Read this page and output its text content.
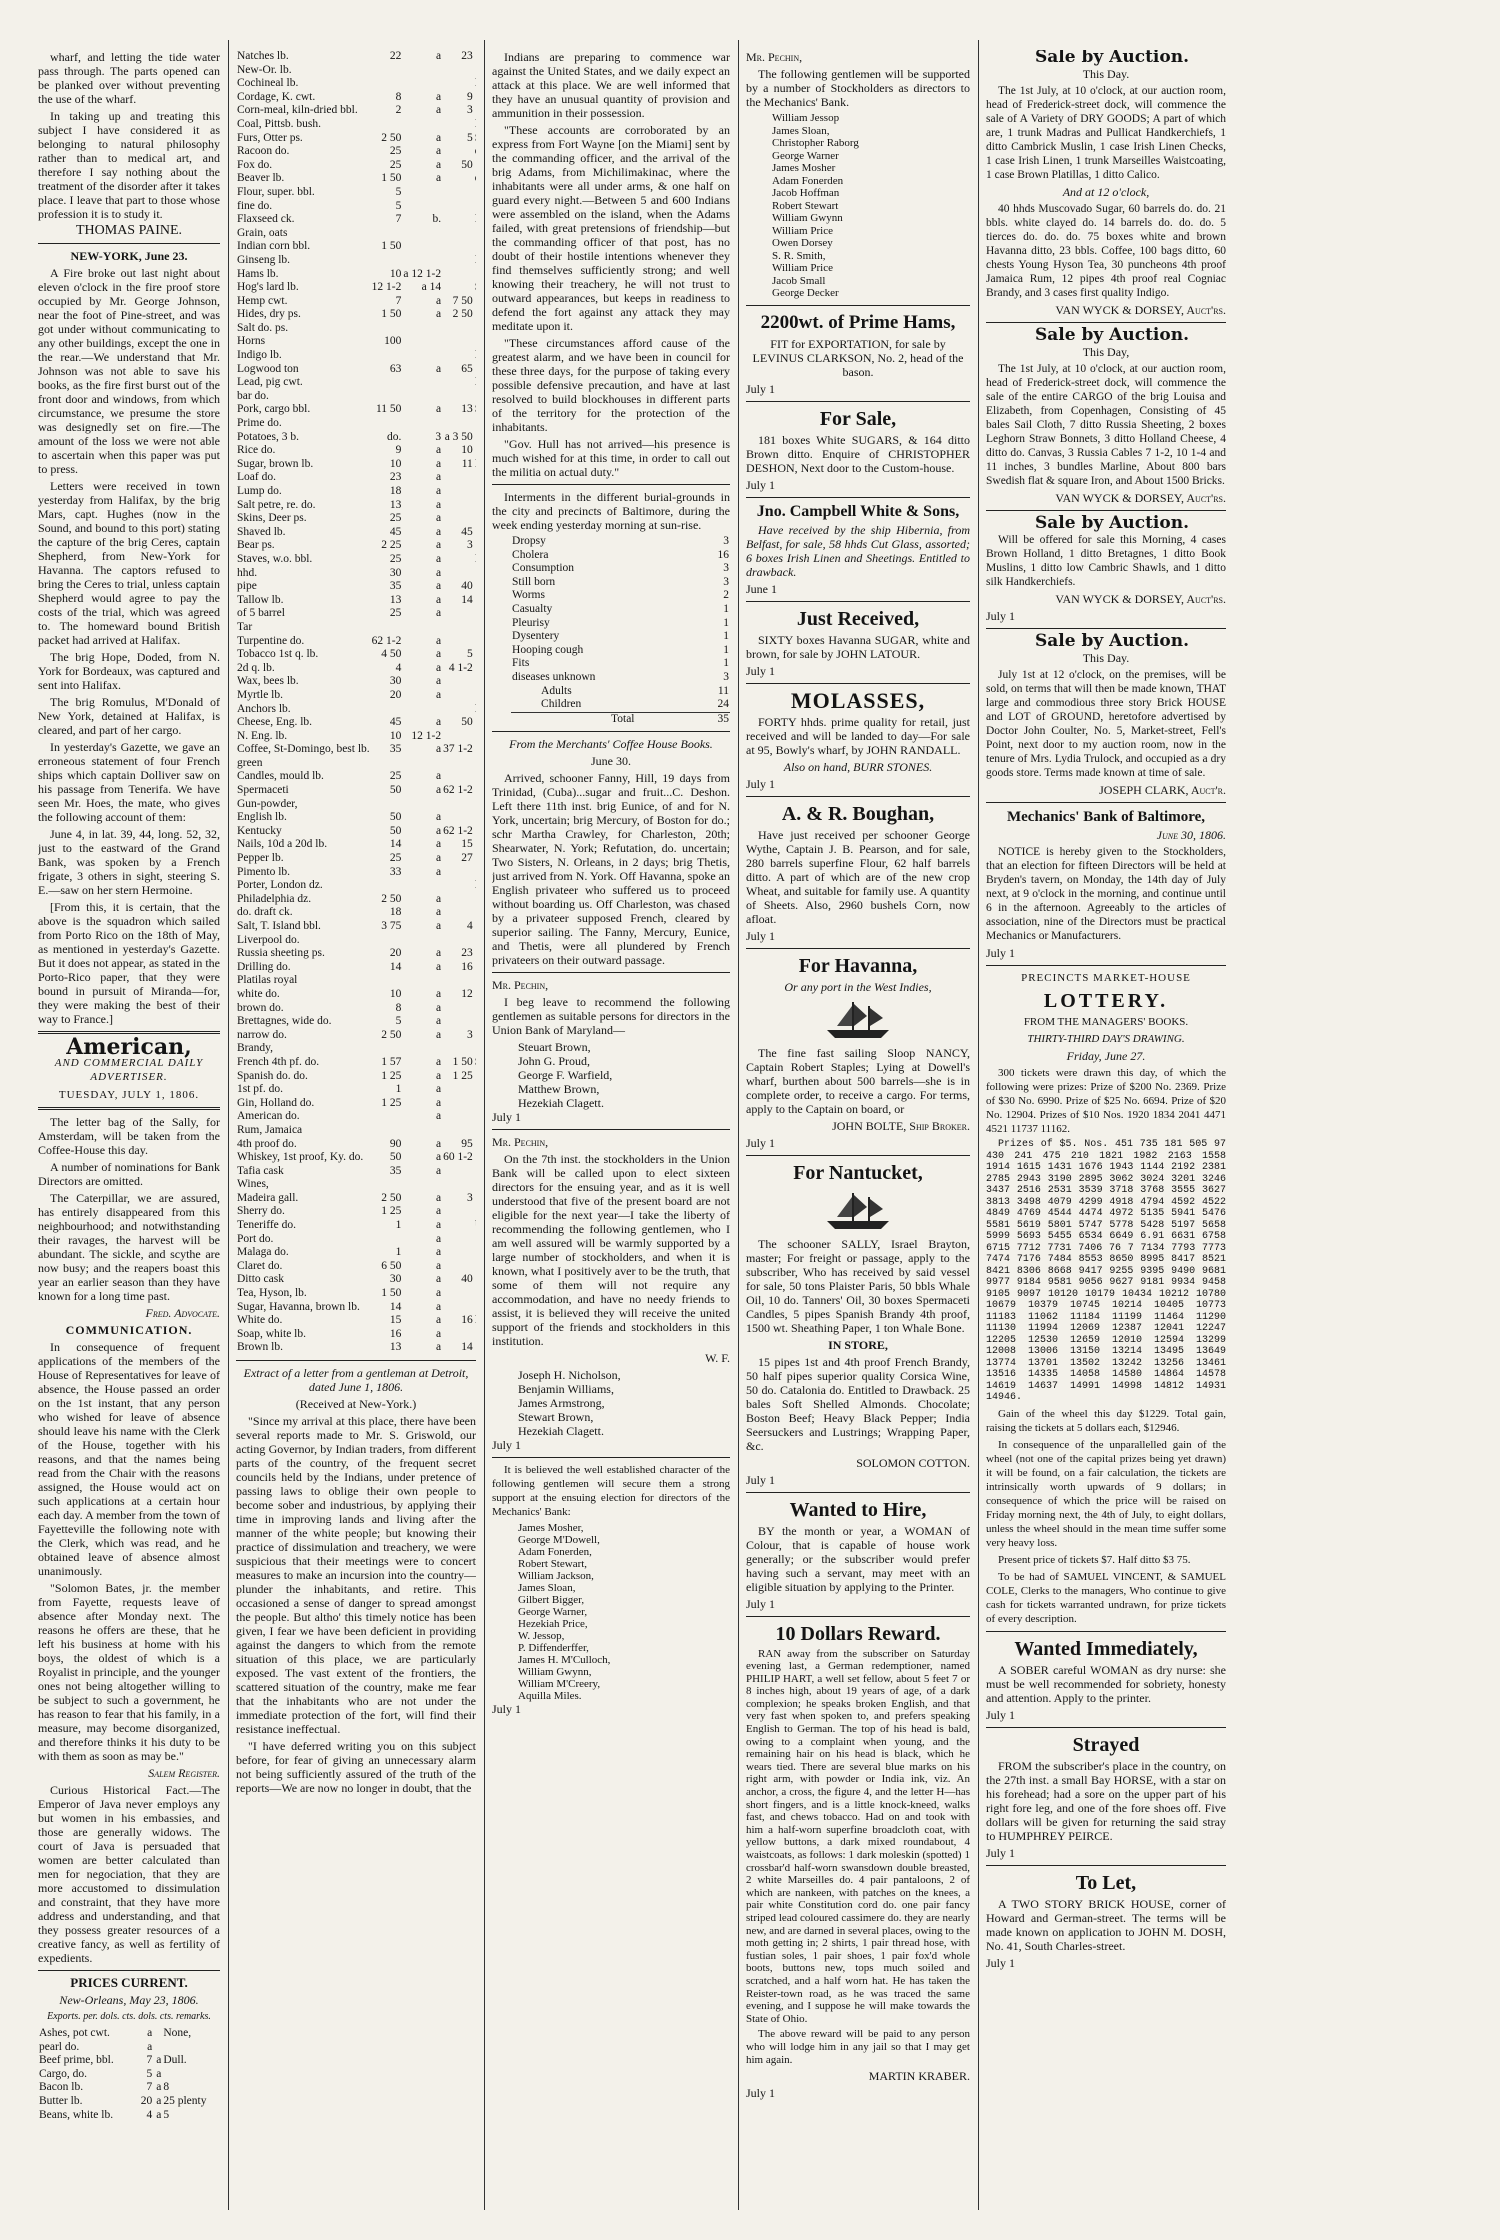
wharf, and letting the tide water pass through. The parts opened can be planked over without preventing the use of the wharf.

In taking up and treating this subject I have considered it as belonging to natural philosophy rather than to medical art, and therefore I say nothing about the treatment of the disorder after it takes place. I leave that part to those whose profession it is to study it.

THOMAS PAINE.

NEW-YORK, June 23.

A Fire broke out last night about eleven o'clock in the fire proof store occupied by Mr. George Johnson, near the foot of Pine-street, and was got under without communicating to any other buildings, except the one in the rear.—We understand that Mr. Johnson was not able to save his books, as the fire first burst out of the front door and windows, from which circumstance, we presume the store was designedly set on fire.—The amount of the loss we were not able to ascertain when this paper was put to press.

Letters were received in town yesterday from Halifax, by the brig Mars, capt. Hughes (now in the Sound, and bound to this port) stating the capture of the brig Ceres, captain Shepherd, from New-York for Havanna. The captors refused to bring the Ceres to trial, unless captain Shepherd would agree to pay the costs of the trial, which was agreed to. The homeward bound British packet had arrived at Halifax.

The brig Hope, Doded, from N. York for Bordeaux, was captured and sent into Halifax.

The brig Romulus, M'Donald of New York, detained at Halifax, is cleared, and part of her cargo.

In yesterday's Gazette, we gave an erroneous statement of four French ships which captain Dolliver saw on his passage from Tenerifa. We have seen Mr. Hoes, the mate, who gives the following account of them:

June 4, in lat. 39, 44, long. 52, 32, just to the eastward of the Grand Bank, was spoken by a French frigate, 3 others in sight, steering S. E.—saw on her stern Hermoine.

[From this, it is certain, that the above is the squadron which sailed from Porto Rico on the 18th of May, as mentioned in yesterday's Gazette. But it does not appear, as stated in the Porto-Rico paper, that they were bound in pursuit of Miranda—for, they were making the best of their way to France.]

American,
AND COMMERCIAL DAILY ADVERTISER.
TUESDAY, JULY 1, 1806.

The letter bag of the Sally, for Amsterdam, will be taken from the Coffee-House this day.

A number of nominations for Bank Directors are omitted.

The Caterpillar, we are assured, has entirely disappeared from this neighbourhood; and notwithstanding their ravages, the harvest will be abundant. The sickle, and scythe are now busy; and the reapers boast this year an earlier season than they have known for a long time past.

Fred. Advocate.

COMMUNICATION.

In consequence of frequent applications of the members of the House of Representatives for leave of absence, the House passed an order on the 1st instant, that any person who wished for leave of absence should leave his name with the Clerk of the House, together with his reasons, and that the names being read from the Chair with the reasons assigned, the House would act on such applications at a certain hour each day. A member from the town of Fayetteville the following note with the Clerk, which was read, and he obtained leave of absence almost unanimously.

"Solomon Bates, jr. the member from Fayette, requests leave of absence after Monday next. The reasons he offers are these, that he left his business at home with his boys, the oldest of which is a Royalist in principle, and the younger ones not being altogether willing to be subject to such a government, he has reason to fear that his family, in a measure, may become disorganized, and therefore thinks it his duty to be with them as soon as may be."

Salem Register.

Curious Historical Fact.—The Emperor of Java never employs any but women in his embassies, and those are generally widows. The court of Java is persuaded that women are better calculated than men for negociation, that they are more accustomed to dissimulation and constraint, that they have more address and understanding, and that they possess greater resources of a creative fancy, as well as fertility of expedients.

PRICES CURRENT.

New-Orleans, May 23, 1806.

Exports. per. dols. cts. dols. cts. remarks.

Ashes, pot cwt.	a		None,
pearl do.	a		
Beef prime, bbl.	7	a	Dull.
Cargo, do.	5	a	
Bacon lb.	7	a	8
Butter lb.	20	a	25 plenty
Beans, white lb.	4	a	5
Natches lb.	22	a	23	
New-Or. lb.				
Cochineal lb.				
Cordage, K. cwt.	8	a	9	
Corn-meal, kiln-dried bbl.	2	a	3	
Coal, Pittsb. bush.				
Furs, Otter ps.	2 50	a	5	
Racoon do.	25	a		
Fox do.	25	a	50	
Beaver lb.	1 50	a		
Flour, super. bbl.	5			
fine do.	5			
Flaxseed ck.	7	b.		
Grain, oats				
Indian corn bbl.	1 50			
Ginseng lb.				
Hams lb.	10	a 12 1-2		
Hog's lard lb.	12 1-2	a 14		
Hemp cwt.	7	a	7 50	
Hides, dry ps.	1 50	a	2 50	
Salt do. ps.				
Horns	100			
Indigo lb.				
Logwood ton	63	a	65	
Lead, pig cwt.				
bar do.				
Pork, cargo bbl.	11 50	a	13	
Prime do.				
Potatoes, 3 b.	do.	3	a 3 50	
Rice do.	9	a	10	
Sugar, brown lb.	10	a	11	
Loaf do.	23	a		
Lump do.	18	a		
Salt petre, re. do.	13	a		
Skins, Deer ps.	25	a		
Shaved lb.	45	a	45	
Bear ps.	2 25	a	3	
Staves, w.o. bbl.	25	a		
hhd.	30	a		
pipe	35	a	40	
Tallow lb.	13	a	14	
of 5 barrel	25	a		
Tar				
Turpentine do.	62 1-2	a		
Tobacco 1st q. lb.	4 50	a	5	
2d q. lb.	4	a	4 1-2	
Wax, bees lb.	30	a		
Myrtle lb.	20	a		
Anchors lb.				
Cheese, Eng. lb.	45	a	50	
N. Eng. lb.	10	12 1-2		
Coffee, St-Domingo, best lb.	35	a	37 1-2	
green				
Candles, mould lb.	25	a		
Spermaceti	50	a	62 1-2	
Gun-powder,				
English lb.	50	a		
Kentucky	50	a	62 1-2	
Nails, 10d a 20d lb.	14	a	15	
Pepper lb.	25	a	27	
Pimento lb.	33	a		
Porter, London dz.				
Philadelphia dz.	2 50	a		
do. draft ck.	18	a		
Salt, T. Island bbl.	3 75	a	4	
Liverpool do.				
Russia sheeting ps.	20	a	23	
Drilling do.	14	a	16	
Platilas royal				
white do.	10	a	12	
brown do.	8	a		
Brettagnes, wide do.	5	a		
narrow do.	2 50	a	3	
Brandy,				
French 4th pf. do.	1 57	a	1 50	
Spanish do. do.	1 25	a	1 25	
1st pf. do.	1	a		
Gin, Holland do.	1 25	a		
American do.		a		
Rum, Jamaica				
4th proof do.	90	a	95	
Whiskey, 1st proof, Ky. do.	50	a	60 1-2	
Tafia cask	35	a		
Wines,				
Madeira gall.	2 50	a	3	
Sherry do.	1 25	a		
Teneriffe do.	1	a		
Port do.		a		
Malaga do.	1	a		
Claret do.	6 50	a		
Ditto cask	30	a	40	
Tea, Hyson, lb.	1 50	a		
Sugar, Havanna, brown lb.	14	a		
White do.	15	a	16	
Soap, white lb.	16	a		
Brown lb.	13	a	14	

Extract of a letter from a gentleman at Detroit, dated June 1, 1806.

(Received at New-York.)

"Since my arrival at this place, there have been several reports made to Mr. S. Griswold, our acting Governor, by Indian traders, from different parts of the country, of the frequent secret councils held by the Indians, under pretence of passing laws to oblige their own people to become sober and industrious, by applying their time in improving lands and living after the manner of the white people; but knowing their practice of dissimulation and treachery, we were suspicious that their meetings were to concert measures to make an incursion into the country—plunder the inhabitants, and retire. This occasioned a sense of danger to spread amongst the people. But altho' this timely notice has been given, I fear we have been deficient in providing against the dangers to which from the remote situation of this place, we are particularly exposed. The vast extent of the frontiers, the scattered situation of the country, make me fear that the inhabitants who are not under the immediate protection of the fort, will find their resistance ineffectual.

"I have deferred writing you on this subject before, for fear of giving an unnecessary alarm not being sufficiently assured of the truth of the reports—We are now no longer in doubt, that the

Indians are preparing to commence war against the United States, and we daily expect an attack at this place. We are well informed that they have an unusual quantity of provision and ammunition in their possession.

"These accounts are corroborated by an express from Fort Wayne [on the Miami] sent by the commanding officer, and the arrival of the brig Adams, from Michilimakinac, where the inhabitants were all under arms, & one half on guard every night.—Between 5 and 600 Indians were assembled on the island, when the Adams failed, with great pretensions of friendship—but the commanding officer of that post, has no doubt of their hostile intentions whenever they find themselves sufficiently strong; and well knowing their treachery, he will not trust to outward appearances, but keeps in readiness to defend the fort against any attack they may meditate upon it.

"These circumstances afford cause of the greatest alarm, and we have been in council for these three days, for the purpose of taking every possible defensive precaution, and have at last resolved to build blockhouses in different parts of the territory for the protection of the inhabitants.

"Gov. Hull has not arrived—his presence is much wished for at this time, in order to call out the militia on actual duty."

Interments in the different burial-grounds in the city and precincts of Baltimore, during the week ending yesterday morning at sun-rise.

Dropsy	3
Cholera	16
Consumption	3
Still born	3
Worms	2
Casualty	1
Pleurisy	1
Dysentery	1
Hooping cough	1
Fits	1
diseases unknown	3
Adults	11
Children	24
Total	35

From the Merchants' Coffee House Books.

June 30.

Arrived, schooner Fanny, Hill, 19 days from Trinidad, (Cuba)...sugar and fruit...C. Deshon. Left there 11th inst. brig Eunice, of and for N. York, uncertain; brig Mercury, of Boston for do.; schr Martha Crawley, for Charleston, 20th; Shearwater, N. York; Refutation, do. uncertain; Two Sisters, N. Orleans, in 2 days; brig Thetis, just arrived from N. York. Off Havanna, spoke an English privateer who suffered us to proceed without boarding us. Off Charleston, was chased by a privateer supposed French, cleared by superior sailing. The Fanny, Mercury, Eunice, and Thetis, were all plundered by French privateers on their outward passage.

Mr. Pechin,

I beg leave to recommend the following gentlemen as suitable persons for directors in the Union Bank of Maryland—

Steuart Brown,
John G. Proud,
George F. Warfield,
Matthew Brown,
Hezekiah Clagett.

July 1

Mr. Pechin,

On the 7th inst. the stockholders in the Union Bank will be called upon to elect sixteen directors for the ensuing year, and as it is well understood that five of the present board are not eligible for the next year—I take the liberty of recommending the following gentlemen, who I am well assured will be warmly supported by a large number of stockholders, and when it is known, what I positively aver to be the truth, that some of them will not require any accommodation, and have no needy friends to assist, it is believed they will receive the united support of the friends and stockholders in this institution.

W. F.

Joseph H. Nicholson,
Benjamin Williams,
James Armstrong,
Stewart Brown,
Hezekiah Clagett.

July 1

It is believed the well established character of the following gentlemen will secure them a strong support at the ensuing election for directors of the Mechanics' Bank:

James Mosher,
George M'Dowell,
Adam Fonerden,
Robert Stewart,
William Jackson,
James Sloan,
Gilbert Bigger,
George Warner,
Hezekiah Price,
W. Jessop,
P. Diffenderffer,
James H. M'Culloch,
William Gwynn,
William M'Creery,
Aquilla Miles.

July 1

Mr. Pechin,

The following gentlemen will be supported by a number of Stockholders as directors to the Mechanics' Bank.

William Jessop
James Sloan,
Christopher Raborg
George Warner
James Mosher
Adam Fonerden
Jacob Hoffman
Robert Stewart
William Gwynn
William Price
Owen Dorsey
S. R. Smith,
William Price
Jacob Small
George Decker

2200wt. of Prime Hams,

FIT for EXPORTATION, for sale by LEVINUS CLARKSON, No. 2, head of the bason.

July 1

For Sale,

181 boxes White SUGARS, & 164 ditto Brown ditto. Enquire of CHRISTOPHER DESHON, Next door to the Custom-house.

July 1

Jno. Campbell White & Sons,

Have received by the ship Hibernia, from Belfast, for sale, 58 hhds Cut Glass, assorted; 6 boxes Irish Linen and Sheetings. Entitled to drawback.

June 1

Just Received,

SIXTY boxes Havanna SUGAR, white and brown, for sale by JOHN LATOUR.

July 1

MOLASSES,

FORTY hhds. prime quality for retail, just received and will be landed to day—For sale at 95, Bowly's wharf, by JOHN RANDALL.

Also on hand, BURR STONES.

July 1

A. & R. Boughan,

Have just received per schooner George Wythe, Captain J. B. Pearson, and for sale, 280 barrels superfine Flour, 62 half barrels ditto. A part of which are of the new crop Wheat, and suitable for family use. A quantity of Sheets. Also, 2960 bushels Corn, now afloat.

July 1

For Havanna,

Or any port in the West Indies,

The fine fast sailing Sloop NANCY, Captain Robert Staples; Lying at Dowell's wharf, burthen about 500 barrels—she is in complete order, to receive a cargo. For terms, apply to the Captain on board, or

JOHN BOLTE, Ship Broker.

July 1

For Nantucket,

The schooner SALLY, Israel Brayton, master; For freight or passage, apply to the subscriber, Who has received by said vessel for sale, 50 tons Plaister Paris, 50 bbls Whale Oil, 10 do. Tanners' Oil, 30 boxes Spermaceti Candles, 5 pipes Spanish Brandy 4th proof, 1500 wt. Sheathing Paper, 1 ton Whale Bone.

IN STORE,

15 pipes 1st and 4th proof French Brandy, 50 half pipes superior quality Corsica Wine, 50 do. Catalonia do. Entitled to Drawback. 25 bales Soft Shelled Almonds. Chocolate; Boston Beef; Heavy Black Pepper; India Seersuckers and Lustrings; Wrapping Paper, &c.

SOLOMON COTTON.

July 1

Wanted to Hire,

BY the month or year, a WOMAN of Colour, that is capable of house work generally; or the subscriber would prefer having such a servant, may meet with an eligible situation by applying to the Printer.

July 1

10 Dollars Reward.

RAN away from the subscriber on Saturday evening last, a German redemptioner, named PHILIP HART, a well set fellow, about 5 feet 7 or 8 inches high, about 19 years of age, of a dark complexion; he speaks broken English, and that very fast when spoken to, and prefers speaking English to German. The top of his head is bald, owing to a complaint when young, and the remaining hair on his head is black, which he wears tied. There are several blue marks on his right arm, with powder or India ink, viz. An anchor, a cross, the figure 4, and the letter H—has short fingers, and is a little knock-kneed, walks fast, and chews tobacco. Had on and took with him a half-worn superfine broadcloth coat, with yellow buttons, a dark mixed roundabout, 4 waistcoats, as follows: 1 dark moleskin (spotted) 1 crossbar'd half-worn swansdown double breasted, 2 white Marseilles do. 4 pair pantaloons, 2 of which are nankeen, with patches on the knees, a pair white Constitution cord do. one pair fancy striped lead coloured cassimere do. they are nearly new, and are darned in several places, owing to the moth getting in; 2 shirts, 1 pair thread hose, with fustian soles, 1 pair shoes, 1 pair fox'd whole boots, buttons new, tops much soiled and scratched, and a half worn hat. He has taken the Reister-town road, as he was traced the same evening, and I suppose he will make towards the State of Ohio.

The above reward will be paid to any person who will lodge him in any jail so that I may get him again.

MARTIN KRABER.

July 1

Sale by Auction.

This Day.

The 1st July, at 10 o'clock, at our auction room, head of Frederick-street dock, will commence the sale of A Variety of DRY GOODS; A part of which are, 1 trunk Madras and Pullicat Handkerchiefs, 1 ditto Cambrick Muslin, 1 case Irish Linen Checks, 1 case Irish Linen, 1 trunk Marseilles Waistcoating, 1 case Brown Platillas, 1 ditto Calico.

And at 12 o'clock,

40 hhds Muscovado Sugar, 60 barrels do. do. 21 bbls. white clayed do. 14 barrels do. do. do. 5 tierces do. do. do. 75 boxes white and brown Havanna ditto, 23 bbls. Coffee, 100 bags ditto, 60 chests Young Hyson Tea, 30 puncheons 4th proof Jamaica Rum, 12 pipes 4th proof real Cogniac Brandy, and 3 cases first quality Indigo.

VAN WYCK & DORSEY, Auct'rs.

Sale by Auction.

This Day,

The 1st July, at 10 o'clock, at our auction room, head of Frederick-street dock, will commence the sale of the entire CARGO of the brig Louisa and Elizabeth, from Copenhagen, Consisting of 45 bales Sail Cloth, 7 ditto Russia Sheeting, 2 boxes Leghorn Straw Bonnets, 3 ditto Holland Cheese, 4 ditto do. Canvas, 3 Russia Cables 7 1-2, 10 1-4 and 11 inches, 3 bundles Marline, About 800 bars Swedish flat & square Iron, and About 1500 Bricks.

VAN WYCK & DORSEY, Auct'rs.

Sale by Auction.

Will be offered for sale this Morning, 4 cases Brown Holland, 1 ditto Bretagnes, 1 ditto Book Muslins, 1 ditto low Cambric Shawls, and 1 ditto silk Handkerchiefs.

VAN WYCK & DORSEY, Auct'rs.

July 1

Sale by Auction.

This Day.

July 1st at 12 o'clock, on the premises, will be sold, on terms that will then be made known, THAT large and commodious three story Brick HOUSE and LOT of GROUND, heretofore advertised by Doctor John Coulter, No. 5, Market-street, Fell's Point, next door to my auction room, now in the tenure of Mrs. Lydia Trulock, and occupied as a dry goods store. Terms made known at time of sale.

JOSEPH CLARK, Auct'r.

Mechanics' Bank of Baltimore,

June 30, 1806.

NOTICE is hereby given to the Stockholders, that an election for fifteen Directors will be held at Bryden's tavern, on Monday, the 14th day of July next, at 9 o'clock in the morning, and continue until 6 in the afternoon. Agreeably to the articles of association, nine of the Directors must be practical Mechanics or Manufacturers.

July 1

PRECINCTS MARKET-HOUSE

LOTTERY.

FROM THE MANAGERS' BOOKS.

THIRTY-THIRD DAY'S DRAWING.

Friday, June 27.

300 tickets were drawn this day, of which the following were prizes: Prize of $200 No. 2369. Prize of $30 No. 6990. Prize of $25 No. 6694. Prize of $20 No. 12904. Prizes of $10 Nos. 1920 1834 2041 4471 4521 11737 11162.

Prizes of $5. Nos. 451 735 181 505 97 430 241 475 210 1821 1982 2163 1558 1914 1615 1431 1676 1943 1144 2192 2381 2785 2943 3190 2895 3062 3024 3201 3246 3437 2516 2531 3539 3718 3768 3555 3627 3813 3498 4079 4299 4918 4794 4592 4522 4849 4769 4544 4474 4972 5135 5941 5476 5581 5619 5801 5747 5778 5428 5197 5658 5999 5693 5455 6534 6649 6.91 6631 6758 6715 7712 7731 7406 76 7 7134 7793 7773 7474 7176 7484 8553 8650 8995 8417 8521 8421 8306 8668 9417 9255 9395 9490 9681 9977 9184 9581 9056 9627 9181 9934 9458 9105 9097 10120 10179 10434 10212 10780 10679 10379 10745 10214 10405 10773 11183 11062 11184 11199 11464 11290 11130 11994 12069 12387 12041 12247 12205 12530 12659 12010 12594 13299 12008 13006 13150 13214 13495 13649 13774 13701 13502 13242 13256 13461 13516 14335 14058 14580 14864 14578 14619 14637 14991 14998 14812 14931 14946.

Gain of the wheel this day $1229. Total gain, raising the tickets at 5 dollars each, $12946.

In consequence of the unparallelled gain of the wheel (not one of the capital prizes being yet drawn) it will be found, on a fair calculation, the tickets are intrinsically worth upwards of 9 dollars; in consequence of which the price will be raised on Friday morning next, the 4th of July, to eight dollars, unless the wheel should in the mean time suffer some very heavy loss.

Present price of tickets $7. Half ditto $3 75.

To be had of SAMUEL VINCENT, & SAMUEL COLE, Clerks to the managers, Who continue to give cash for tickets warranted undrawn, for prize tickets of every description.

Wanted Immediately,

A SOBER careful WOMAN as dry nurse: she must be well recommended for sobriety, honesty and attention. Apply to the printer.

July 1

Strayed

FROM the subscriber's place in the country, on the 27th inst. a small Bay HORSE, with a star on his forehead; had a sore on the upper part of his right fore leg, and one of the fore shoes off. Five dollars will be given for returning the said stray to HUMPHREY PEIRCE.

July 1

To Let,

A TWO STORY BRICK HOUSE, corner of Howard and German-street. The terms will be made known on application to JOHN M. DOSH, No. 41, South Charles-street.

July 1
